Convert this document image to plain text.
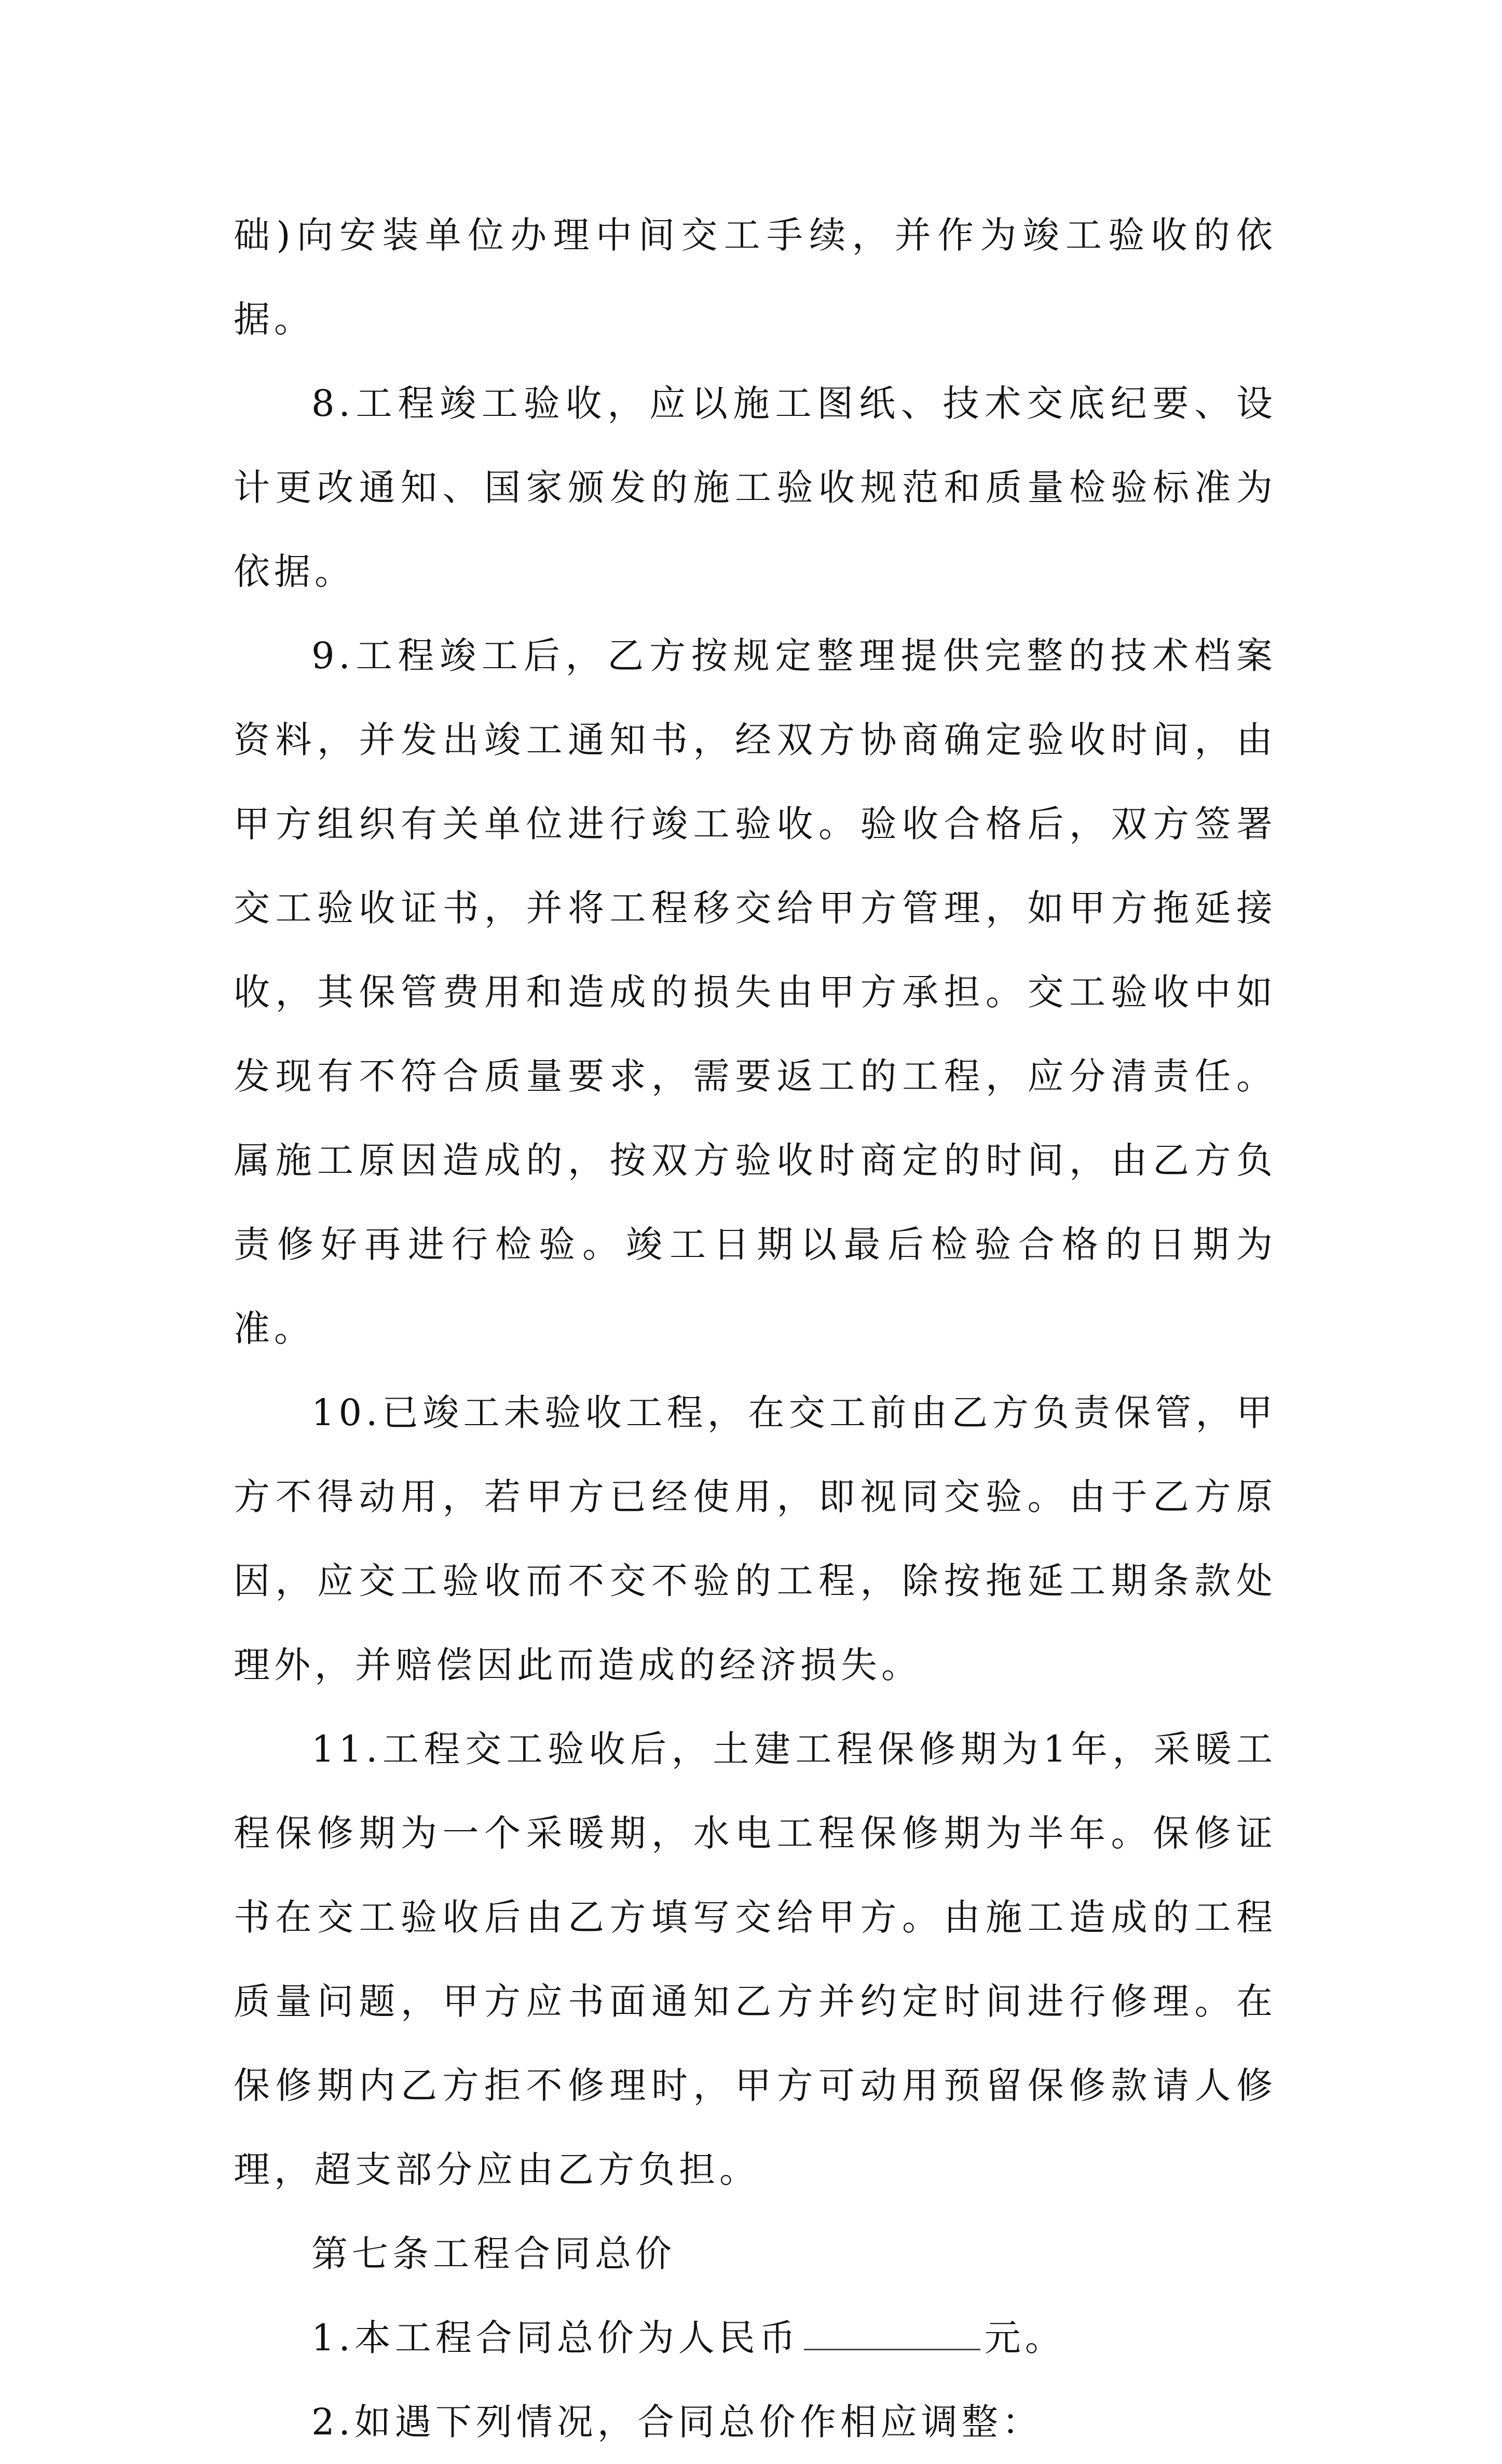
础)向安装单位办理中间交工手续，并作为竣工验收的依据。

8.工程竣工验收，应以施工图纸、技术交底纪要、设计更改通知、国家颁发的施工验收规范和质量检验标准为依据。

9.工程竣工后，乙方按规定整理提供完整的技术档案资料，并发出竣工通知书，经双方协商确定验收时间，由甲方组织有关单位进行竣工验收。验收合格后，双方签署交工验收证书，并将工程移交给甲方管理，如甲方拖延接收，其保管费用和造成的损失由甲方承担。交工验收中如发现有不符合质量要求，需要返工的工程，应分清责任。属施工原因造成的，按双方验收时商定的时间，由乙方负责修好再进行检验。竣工日期以最后检验合格的日期为准。

10.已竣工未验收工程，在交工前由乙方负责保管，甲方不得动用，若甲方已经使用，即视同交验。由于乙方原因，应交工验收而不交不验的工程，除按拖延工期条款处理外，并赔偿因此而造成的经济损失。

11.工程交工验收后，土建工程保修期为1年，采暖工程保修期为一个采暖期，水电工程保修期为半年。保修证书在交工验收后由乙方填写交给甲方。由施工造成的工程质量问题，甲方应书面通知乙方并约定时间进行修理。在保修期内乙方拒不修理时，甲方可动用预留保修款请人修理，超支部分应由乙方负担。

第七条工程合同总价

1.本工程合同总价为人民币	元。

2.如遇下列情况，合同总价作相应调整：
